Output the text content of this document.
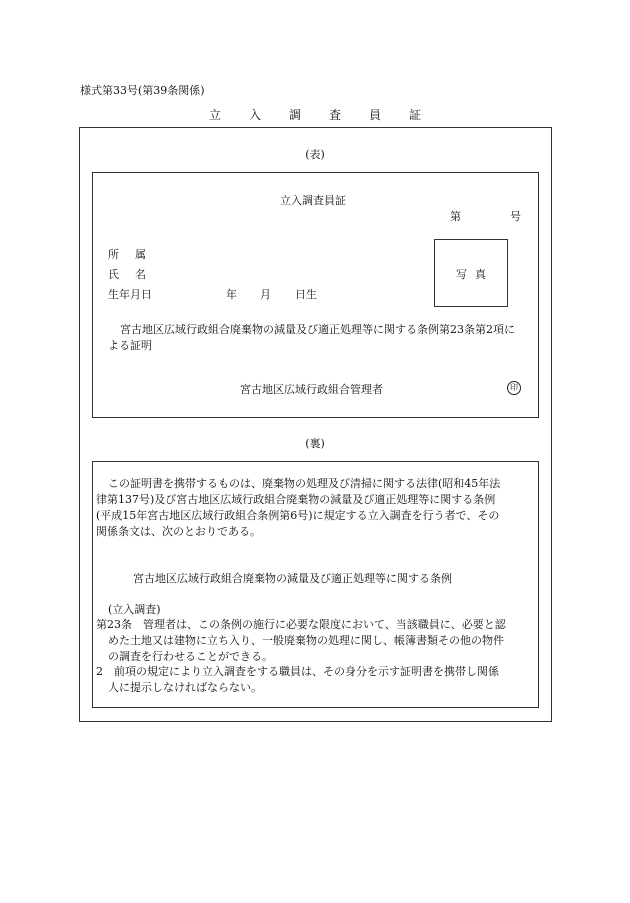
様式第33号(第39条関係)
立 入 調 査 員 証
(表)
立入調査員証
第	号
所 属
氏 名
生年月日	年 月 日生
写 真
宮古地区広域行政組合廃棄物の減量及び適正処理等に関する条例第23条第2項に
よる証明
宮古地区広域行政組合管理者	印
(裏)
この証明書を携帯するものは、廃棄物の処理及び清掃に関する法律(昭和45年法
律第137号)及び宮古地区広域行政組合廃棄物の減量及び適正処理等に関する条例
(平成15年宮古地区広域行政組合条例第6号)に規定する立入調査を行う者で、その
関係条文は、次のとおりである。
宮古地区広域行政組合廃棄物の減量及び適正処理等に関する条例
(立入調査)
第23条　管理者は、この条例の施行に必要な限度において、当該職員に、必要と認
めた土地又は建物に立ち入り、一般廃棄物の処理に関し、帳簿書類その他の物件
の調査を行わせることができる。
2　前項の規定により立入調査をする職員は、その身分を示す証明書を携帯し関係
人に提示しなければならない。
